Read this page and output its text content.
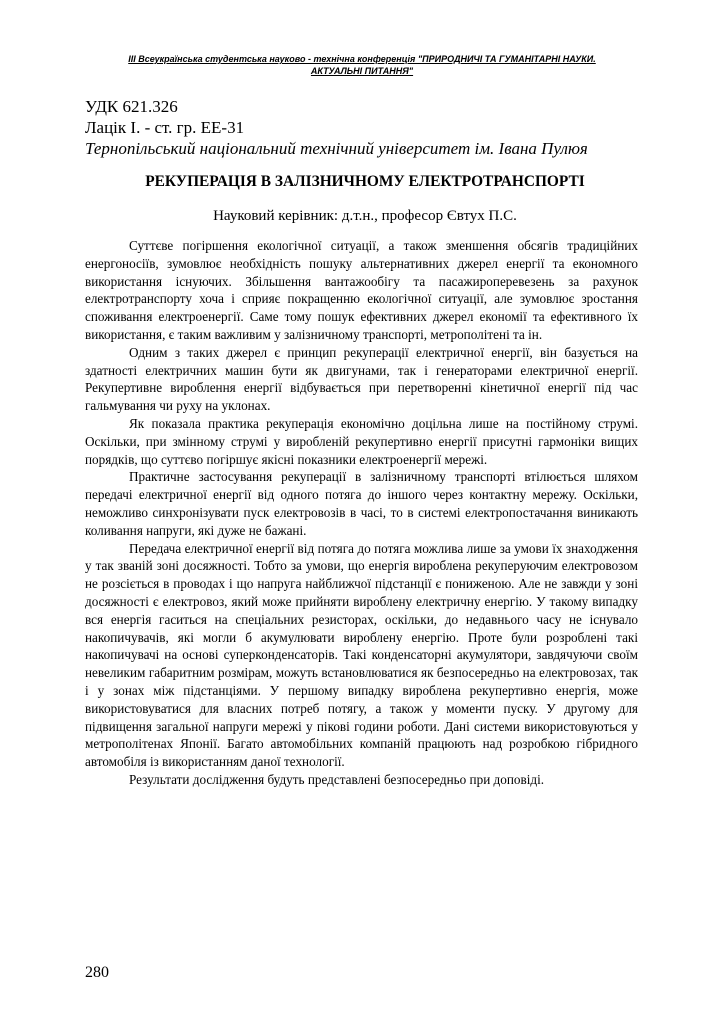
ІІІ Всеукраїнська студентська науково - технічна конференція "ПРИРОДНИЧІ ТА ГУМАНІТАРНІ НАУКИ.
АКТУАЛЬНІ ПИТАННЯ"
УДК 621.326
Лацік І. - ст. гр. ЕЕ-31
Тернопільський національний технічний університет ім. Івана Пулюя
РЕКУПЕРАЦІЯ В ЗАЛІЗНИЧНОМУ ЕЛЕКТРОТРАНСПОРТІ
Науковий керівник: д.т.н., професор Євтух П.С.

Суттєве погіршення екологічної ситуації, а також зменшення обсягів традиційних енергоносіїв, зумовлює необхідність пошуку альтернативних джерел енергії та економного використання існуючих. Збільшення вантажообігу та пасажироперевезень за рахунок електротранспорту хоча і сприяє покращенню екологічної ситуації, але зумовлює зростання споживання електроенергії. Саме тому пошук ефективних джерел економії та ефективного їх використання, є таким важливим у залізничному транспорті, метрополітені та ін.

Одним з таких джерел є принцип рекуперації електричної енергії, він базується на здатності електричних машин бути як двигунами, так і генераторами електричної енергії. Рекупертивне вироблення енергії відбувається при перетворенні кінетичної енергії під час гальмування чи руху на уклонах.

Як показала практика рекуперація економічно доцільна лише на постійному струмі. Оскільки, при змінному струмі у виробленій рекупертивно енергії присутні гармоніки вищих порядків, що суттєво погіршує якісні показники електроенергії мережі.

Практичне застосування рекуперації в залізничному транспорті втілюється шляхом передачі електричної енергії від одного потяга до іншого через контактну мережу. Оскільки, неможливо синхронізувати пуск електровозів в часі, то в системі електропостачання виникають коливання напруги, які дуже не бажані.

Передача електричної енергії від потяга до потяга можлива лише за умови їх знаходження у так званій зоні досяжності. Тобто за умови, що енергія вироблена рекуперуючим електровозом не розсіється в проводах і що напруга найближчої підстанції є пониженою. Але не завжди у зоні досяжності є електровоз, який може прийняти вироблену електричну енергію. У такому випадку вся енергія гаситься на спеціальних резисторах, оскільки, до недавнього часу не існувало накопичувачів, які могли б акумулювати вироблену енергію. Проте були розроблені такі накопичувачі на основі суперконденсаторів. Такі конденсаторні акумулятори, завдячуючи своїм невеликим габаритним розмірам, можуть встановлюватися як безпосередньо на електровозах, так і у зонах між підстанціями. У першому випадку вироблена рекупертивно енергія, може використовуватися для власних потреб потягу, а також у моменти пуску. У другому для підвищення загальної напруги мережі у пікові години роботи. Дані системи використовуються у метрополітенах Японії. Багато автомобільних компаній працюють над розробкою гібридного автомобіля із використанням даної технології.

Результати дослідження будуть представлені безпосередньо при доповіді.

280
